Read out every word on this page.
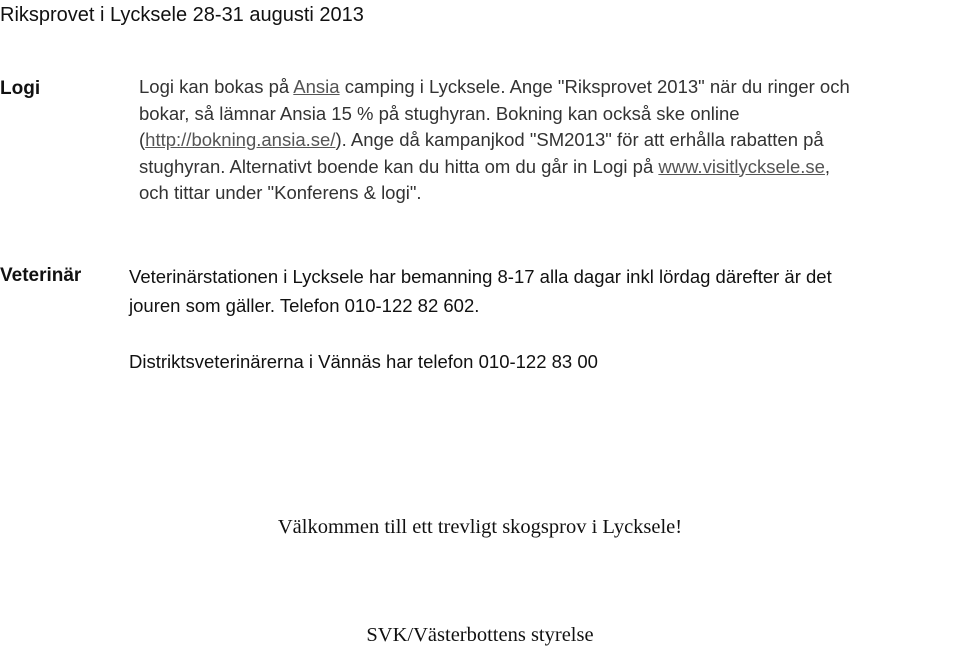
Riksprovet i Lycksele 28-31 augusti 2013
Logi	Logi kan bokas på Ansia camping i Lycksele. Ange "Riksprovet 2013" när du ringer och
bokar, så lämnar Ansia 15 % på stughyran. Bokning kan också ske online
(http://bokning.ansia.se/). Ange då kampanjkod "SM2013" för att erhålla rabatten på
stughyran. Alternativt boende kan du hitta om du går in Logi på www.visitlycksele.se,
och tittar under "Konferens & logi".
Veterinär	Veterinärstationen i Lycksele har bemanning 8-17 alla dagar inkl lördag därefter är det
jouren som gäller. Telefon 010-122 82 602.
Distriktsveterinärerna i Vännäs har telefon 010-122 83 00
Välkommen till ett trevligt skogsprov i Lycksele!
SVK/Västerbottens styrelse
